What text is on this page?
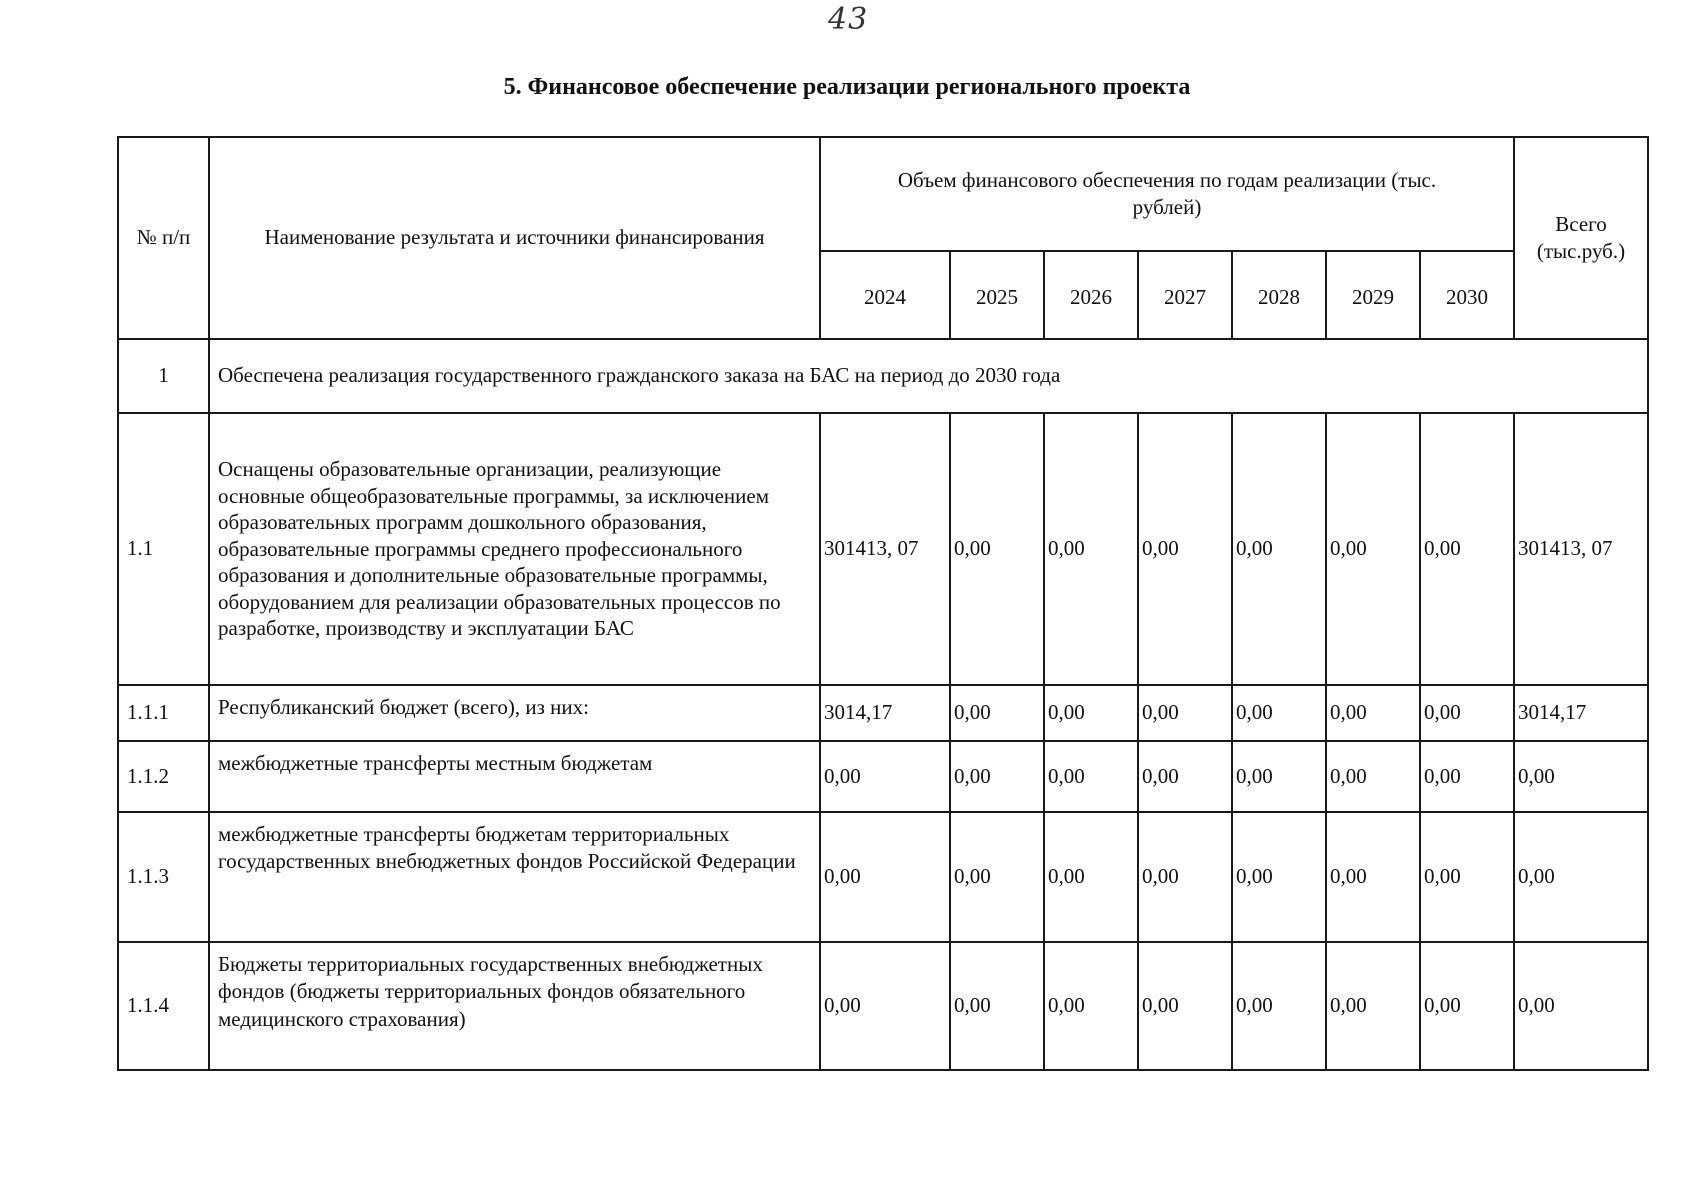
43
5. Финансовое обеспечение реализации регионального проекта
№ п/п	Наименование результата и источники финансирования	Объем финансового обеспечения по годам реализации (тыс. рублей)							Всего (тыс.руб.)
		2024	2025	2026	2027	2028	2029	2030	
1	Обеспечена реализация государственного гражданского заказа на БАС на период до 2030 года								
1.1	Оснащены образовательные организации, реализующие основные общеобразовательные программы, за исключением образовательных программ дошкольного образования, образовательные программы среднего профессионального образования и дополнительные образовательные программы, оборудованием для реализации образовательных процессов по разработке, производству и эксплуатации БАС	301413, 07	0,00	0,00	0,00	0,00	0,00	0,00	301413, 07
1.1.1	Республиканский бюджет (всего), из них:	3014,17	0,00	0,00	0,00	0,00	0,00	0,00	3014,17
1.1.2	межбюджетные трансферты местным бюджетам	0,00	0,00	0,00	0,00	0,00	0,00	0,00	0,00
1.1.3	межбюджетные трансферты бюджетам территориальных государственных внебюджетных фондов Российской Федерации	0,00	0,00	0,00	0,00	0,00	0,00	0,00	0,00
1.1.4	Бюджеты территориальных государственных внебюджетных фондов (бюджеты территориальных фондов обязательного медицинского страхования)	0,00	0,00	0,00	0,00	0,00	0,00	0,00	0,00
